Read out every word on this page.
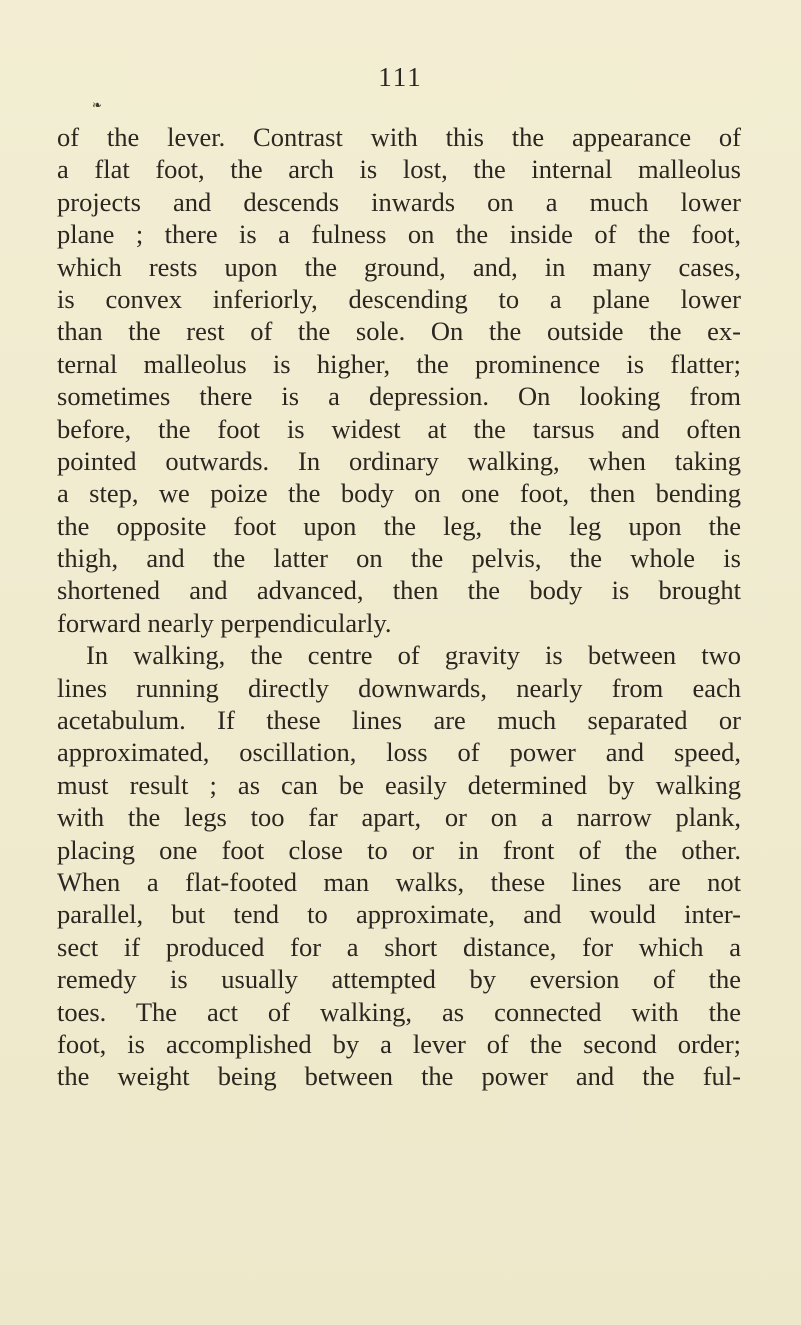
111
❧
of the lever. Contrast with this the appearance of
a flat foot, the arch is lost, the internal malleolus
projects and descends inwards on a much lower
plane ; there is a fulness on the inside of the foot,
which rests upon the ground, and, in many cases,
is convex inferiorly, descending to a plane lower
than the rest of the sole. On the outside the ex-
ternal malleolus is higher, the prominence is flatter;
sometimes there is a depression. On looking from
before, the foot is widest at the tarsus and often
pointed outwards. In ordinary walking, when taking
a step, we poize the body on one foot, then bending
the opposite foot upon the leg, the leg upon the
thigh, and the latter on the pelvis, the whole is
shortened and advanced, then the body is brought
forward nearly perpendicularly.
In walking, the centre of gravity is between two
lines running directly downwards, nearly from each
acetabulum. If these lines are much separated or
approximated, oscillation, loss of power and speed,
must result ; as can be easily determined by walking
with the legs too far apart, or on a narrow plank,
placing one foot close to or in front of the other.
When a flat-footed man walks, these lines are not
parallel, but tend to approximate, and would inter-
sect if produced for a short distance, for which a
remedy is usually attempted by eversion of the
toes. The act of walking, as connected with the
foot, is accomplished by a lever of the second order;
the weight being between the power and the ful-
